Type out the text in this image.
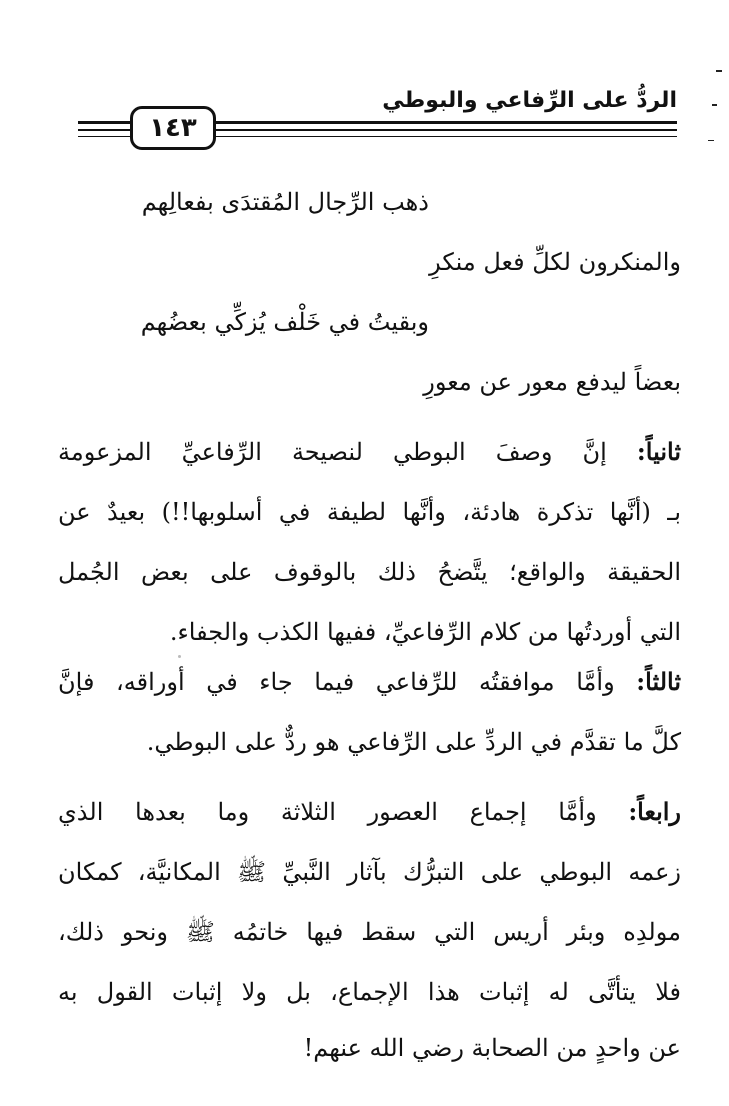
الردُّ على الرِّفاعي والبوطي
١٤٣
ذهب الرِّجال المُقتدَى بفعالِهم
والمنكرون لكلِّ فعل منكرِ
وبقيتُ في خَلْف يُزكِّي بعضُهم
بعضاً ليدفع معور عن معورِ
ثانياً: إنَّ وصفَ البوطي لنصيحة الرِّفاعيِّ المزعومة
بـ (أنَّها تذكرة هادئة، وأنَّها لطيفة في أسلوبها!!) بعيدٌ عن
الحقيقة والواقع؛ يتَّضحُ ذلك بالوقوف على بعض الجُمل
التي أوردتُها من كلام الرِّفاعيِّ، ففيها الكذب والجفاء.
ثالثاً: وأمَّا موافقتُه للرِّفاعي فيما جاء في أوراقه، فإنَّ
كلَّ ما تقدَّم في الردِّ على الرِّفاعي هو ردٌّ على البوطي.
رابعاً: وأمَّا إجماع العصور الثلاثة وما بعدها الذي
زعمه البوطي على التبرُّك بآثار النَّبيِّ ﷺ المكانيَّة، كمكان
مولدِه وبئر أريس التي سقط فيها خاتمُه ﷺ ونحو ذلك،
فلا يتأتَّى له إثبات هذا الإجماع، بل ولا إثبات القول به
عن واحدٍ من الصحابة رضي الله عنهم!
